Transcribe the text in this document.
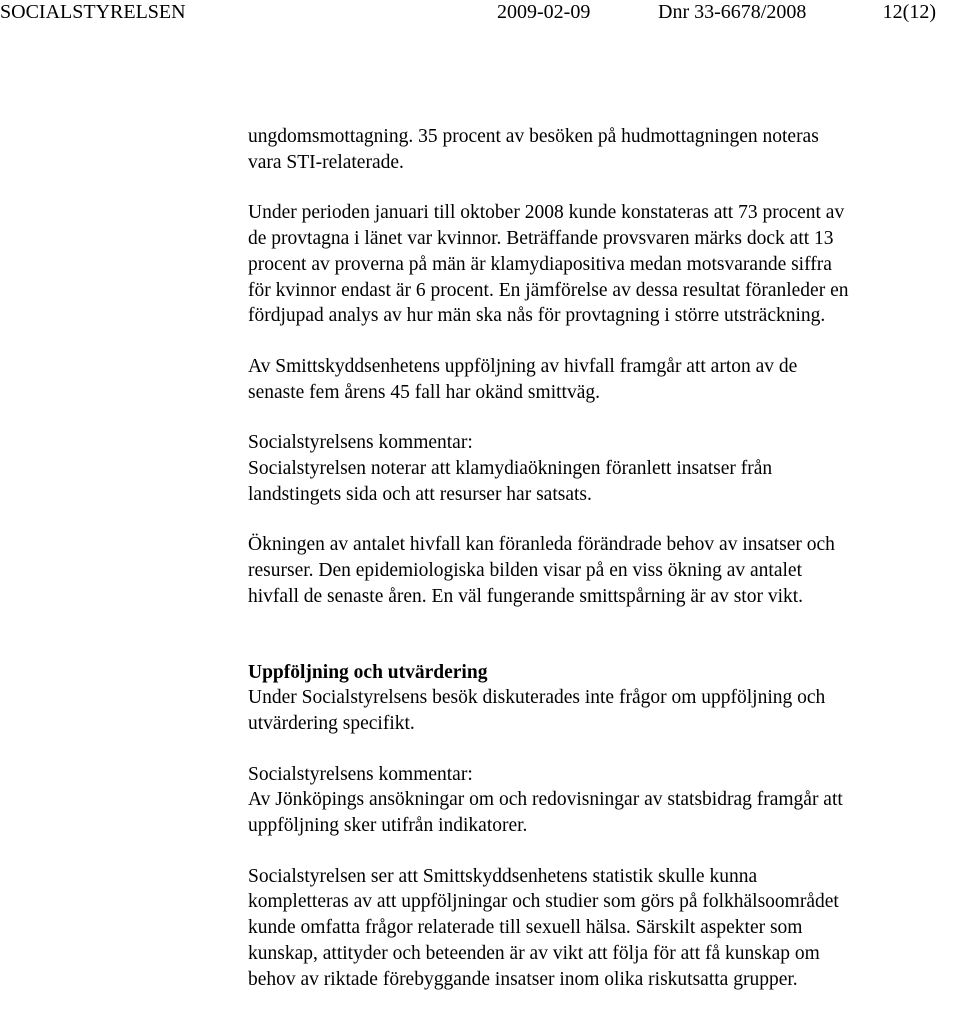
SOCIALSTYRELSEN	2009-02-09	Dnr 33-6678/2008	12(12)

ungdomsmottagning. 35 procent av besöken på hudmottagningen noteras
vara STI-relaterade.

Under perioden januari till oktober 2008 kunde konstateras att 73 procent av
de provtagna i länet var kvinnor. Beträffande provsvaren märks dock att 13
procent av proverna på män är klamydiapositiva medan motsvarande siffra
för kvinnor endast är 6 procent. En jämförelse av dessa resultat föranleder en
fördjupad analys av hur män ska nås för provtagning i större utsträckning.

Av Smittskyddsenhetens uppföljning av hivfall framgår att arton av de
senaste fem årens 45 fall har okänd smittväg.

Socialstyrelsens kommentar:
Socialstyrelsen noterar att klamydiaökningen föranlett insatser från
landstingets sida och att resurser har satsats.

Ökningen av antalet hivfall kan föranleda förändrade behov av insatser och
resurser. Den epidemiologiska bilden visar på en viss ökning av antalet
hivfall de senaste åren. En väl fungerande smittspårning är av stor vikt.

Uppföljning och utvärdering
Under Socialstyrelsens besök diskuterades inte frågor om uppföljning och
utvärdering specifikt.

Socialstyrelsens kommentar:
Av Jönköpings ansökningar om och redovisningar av statsbidrag framgår att
uppföljning sker utifrån indikatorer.

Socialstyrelsen ser att Smittskyddsenhetens statistik skulle kunna
kompletteras av att uppföljningar och studier som görs på folkhälsoområdet
kunde omfatta frågor relaterade till sexuell hälsa. Särskilt aspekter som
kunskap, attityder och beteenden är av vikt att följa för att få kunskap om
behov av riktade förebyggande insatser inom olika riskutsatta grupper.
